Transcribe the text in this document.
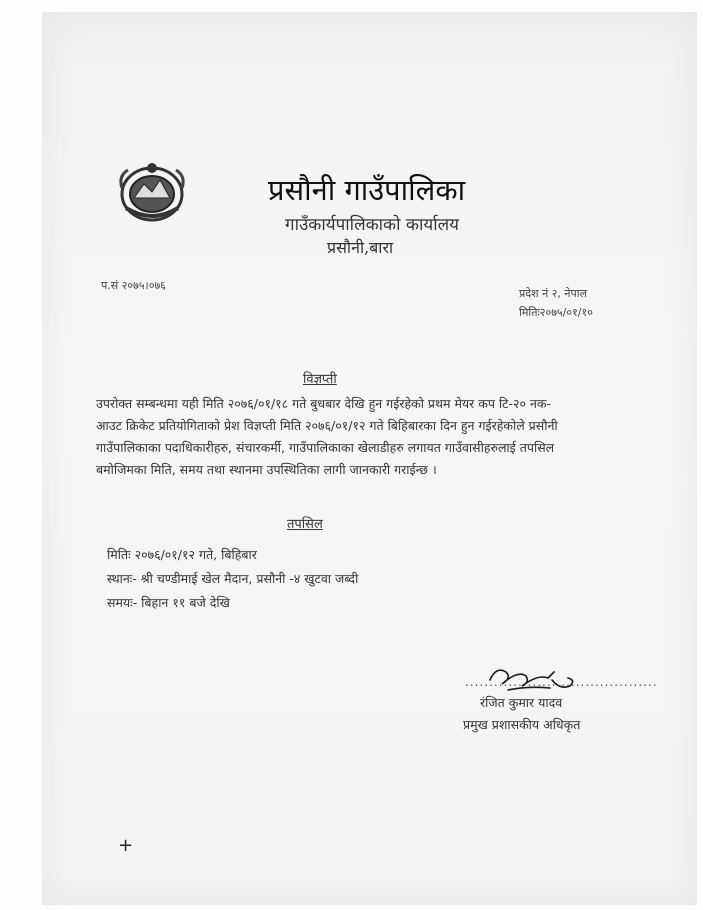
प्रसौनी गाउँपालिका
गाउँकार्यपालिकाको कार्यालय
प्रसौनी,बारा
प.सं २०७५।०७६
प्रदेश नं २, नेपाल
मितिः२०७५/०१/१०
विज्ञप्ती
उपरोक्त सम्बन्धमा यही मिति २०७६/०१/१८ गते बुधबार देखि हुन गईरहेको प्रथम मेयर कप टि-२० नक-
आउट क्रिकेट प्रतियोगिताको प्रेश विज्ञप्ती मिति २०७६/०१/१२ गते बिहिबारका दिन हुन गईरहेकोले प्रसौनी
गाउँपालिकाका पदाधिकारीहरु, संचारकर्मी, गाउँपालिकाका खेलाडीहरु लगायत गाउँवासीहरुलाई तपसिल
बमोजिमका मिति, समय तथा स्थानमा उपस्थितिका लागी जानकारी गराईन्छ ।
तपसिल
मितिः २०७६/०१/१२ गते, बिहिबार
स्थानः- श्री चण्डीमाई खेल मैदान, प्रसौनी -४ खुटवा जब्दी
समयः- बिहान ११ बजे देखि
........................................
रंजित कुमार यादव
प्रमुख प्रशासकीय अधिकृत
+
